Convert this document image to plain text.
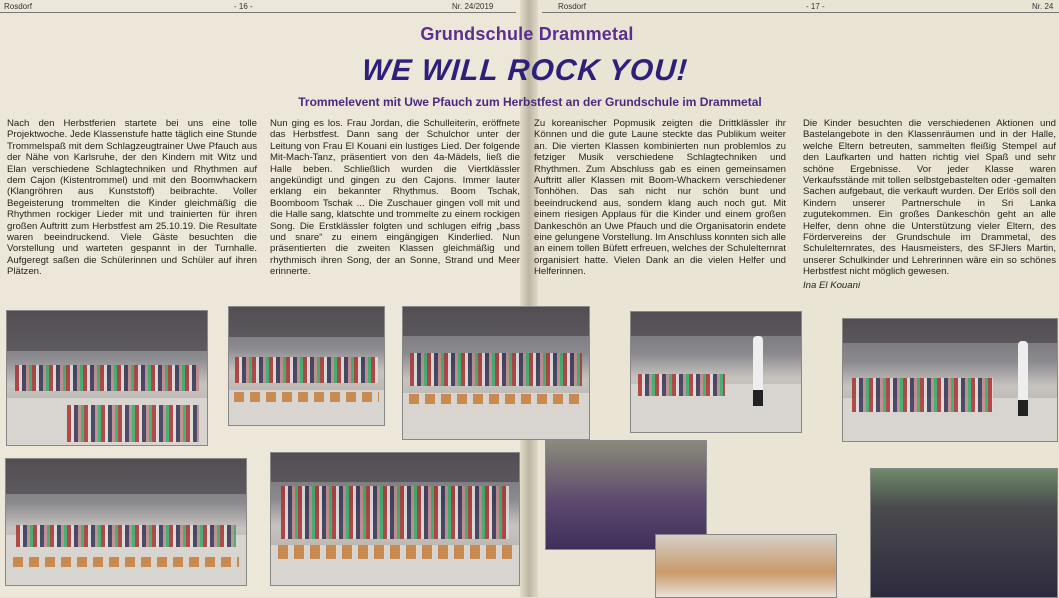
Rosdorf	- 16 -	Nr. 24/2019	Rosdorf	- 17 -	Nr. 24
Grundschule Drammetal
WE WILL ROCK YOU!
Trommelevent mit Uwe Pfauch zum Herbstfest an der Grundschule im Drammetal

Nach den Herbstferien startete bei uns eine tolle Projektwoche. Jede Klassenstufe hatte täglich eine Stunde Trommelspaß mit dem Schlagzeugtrainer Uwe Pfauch aus der Nähe von Karlsruhe, der den Kindern mit Witz und Elan verschiedene Schlagtechniken und Rhythmen auf dem Cajon (Kistentrommel) und mit den Boomwhackern (Klangröhren aus Kunststoff) beibrachte. Voller Begeisterung trommelten die Kinder gleichmäßig die Rhythmen rockiger Lieder mit und trainierten für ihren großen Auftritt zum Herbstfest am 25.10.19. Die Resultate waren beeindruckend. Viele Gäste besuchten die Vorstellung und warteten gespannt in der Turnhalle. Aufgeregt saßen die Schülerinnen und Schüler auf ihren Plätzen.

Nun ging es los. Frau Jordan, die Schulleiterin, eröffnete das Herbstfest. Dann sang der Schulchor unter der Leitung von Frau El Kouani ein lustiges Lied. Der folgende Mit-Mach-Tanz, präsentiert von den 4a-Mädels, ließ die Halle beben. Schließlich wurden die Viertklässler angekündigt und gingen zu den Cajons. Immer lauter erklang ein bekannter Rhythmus. Boom Tschak, Boomboom Tschak ... Die Zuschauer gingen voll mit und die Halle sang, klatschte und trommelte zu einem rockigen Song. Die Erstklässler folgten und schlugen eifrig „bass und snare“ zu einem eingängigen Kinderlied. Nun präsentierten die zweiten Klassen gleichmäßig und rhythmisch ihren Song, der an Sonne, Strand und Meer erinnerte.

Zu koreanischer Popmusik zeigten die Drittklässler ihr Können und die gute Laune steckte das Publikum weiter an. Die vierten Klassen kombinierten nun problemlos zu fetziger Musik verschiedene Schlagtechniken und Rhythmen. Zum Abschluss gab es einen gemeinsamen Auftritt aller Klassen mit Boom-Whackern verschiedener Tonhöhen. Das sah nicht nur schön bunt und beeindruckend aus, sondern klang auch noch gut. Mit einem riesigen Applaus für die Kinder und einem großen Dankeschön an Uwe Pfauch und die Organisatorin endete eine gelungene Vorstellung. Im Anschluss konnten sich alle an einem tollen Büfett erfreuen, welches der Schulelternrat organisiert hatte. Vielen Dank an die vielen Helfer und Helferinnen.

Die Kinder besuchten die verschiedenen Aktionen und Bastelangebote in den Klassenräumen und in der Halle, welche Eltern betreuten, sammelten fleißig Stempel auf den Laufkarten und hatten richtig viel Spaß und sehr schöne Ergebnisse. Vor jeder Klasse waren Verkaufsstände mit tollen selbstgebastelten oder -gemalten Sachen aufgebaut, die verkauft wurden. Der Erlös soll den Kindern unserer Partnerschule in Sri Lanka zugutekommen. Ein großes Dankeschön geht an alle Helfer, denn ohne die Unterstützung vieler Eltern, des Fördervereins der Grundschule im Drammetal, des Schulelternrates, des Hausmeisters, des SFJlers Martin, unserer Schulkinder und Lehrerinnen wäre ein so schönes Herbstfest nicht möglich gewesen.

Ina El Kouani
